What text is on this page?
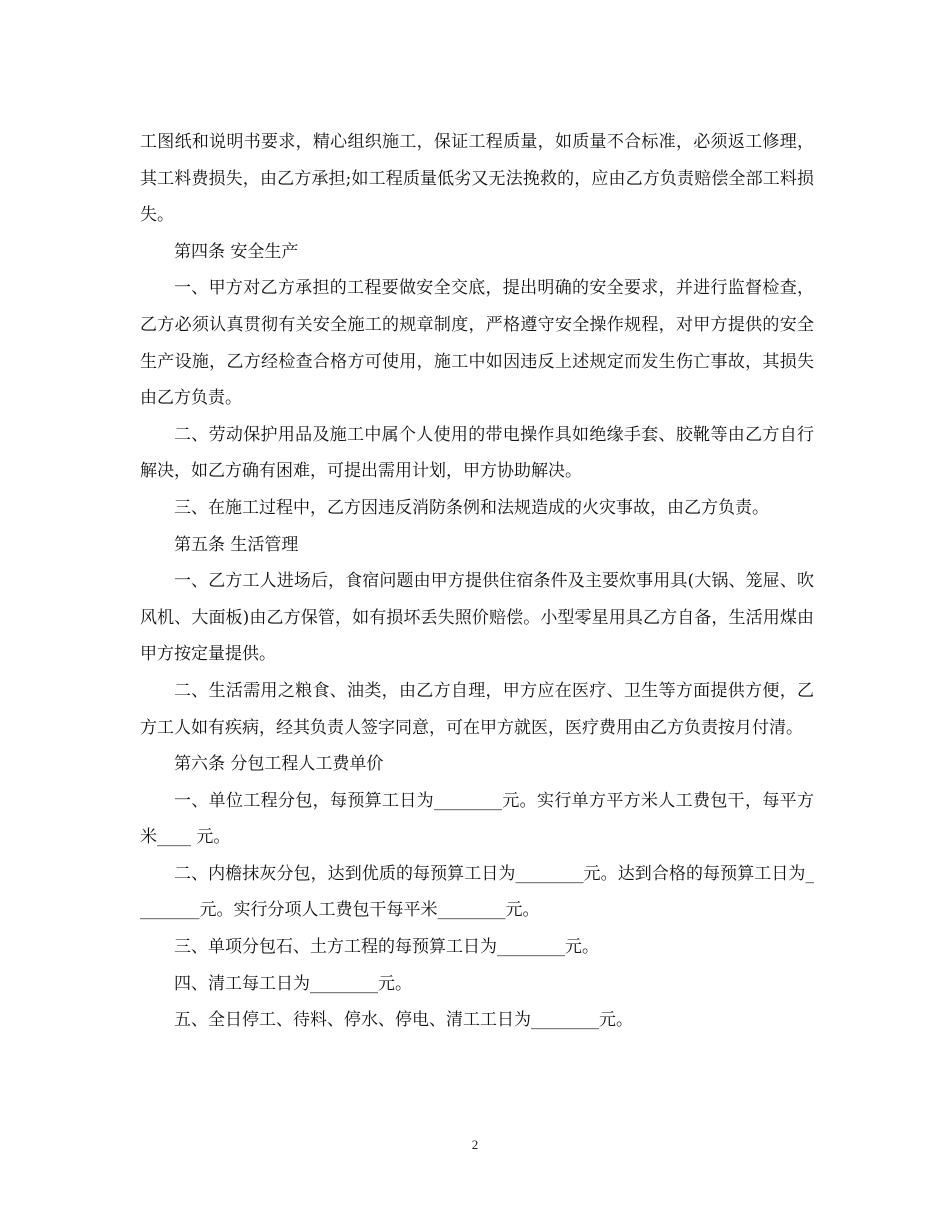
工图纸和说明书要求，精心组织施工，保证工程质量，如质量不合标准，必须返工修理，其工料费损失，由乙方承担;如工程质量低劣又无法挽救的，应由乙方负责赔偿全部工料损失。

第四条 安全生产

一、甲方对乙方承担的工程要做安全交底，提出明确的安全要求，并进行监督检查，乙方必须认真贯彻有关安全施工的规章制度，严格遵守安全操作规程，对甲方提供的安全生产设施，乙方经检查合格方可使用，施工中如因违反上述规定而发生伤亡事故，其损失由乙方负责。

二、劳动保护用品及施工中属个人使用的带电操作具如绝缘手套、胶靴等由乙方自行解决，如乙方确有困难，可提出需用计划，甲方协助解决。

三、在施工过程中，乙方因违反消防条例和法规造成的火灾事故，由乙方负责。

第五条 生活管理

一、乙方工人进场后，食宿问题由甲方提供住宿条件及主要炊事用具(大锅、笼屉、吹风机、大面板)由乙方保管，如有损坏丢失照价赔偿。小型零星用具乙方自备，生活用煤由甲方按定量提供。

二、生活需用之粮食、油类，由乙方自理，甲方应在医疗、卫生等方面提供方便，乙方工人如有疾病，经其负责人签字同意，可在甲方就医，医疗费用由乙方负责按月付清。

第六条 分包工程人工费单价

一、单位工程分包，每预算工日为________元。实行单方平方米人工费包干，每平方米____ 元。

二、内檐抹灰分包，达到优质的每预算工日为________元。达到合格的每预算工日为________元。实行分项人工费包干每平米________元。

三、单项分包石、土方工程的每预算工日为________元。

四、清工每工日为________元。

五、全日停工、待料、停水、停电、清工工日为________元。

2
